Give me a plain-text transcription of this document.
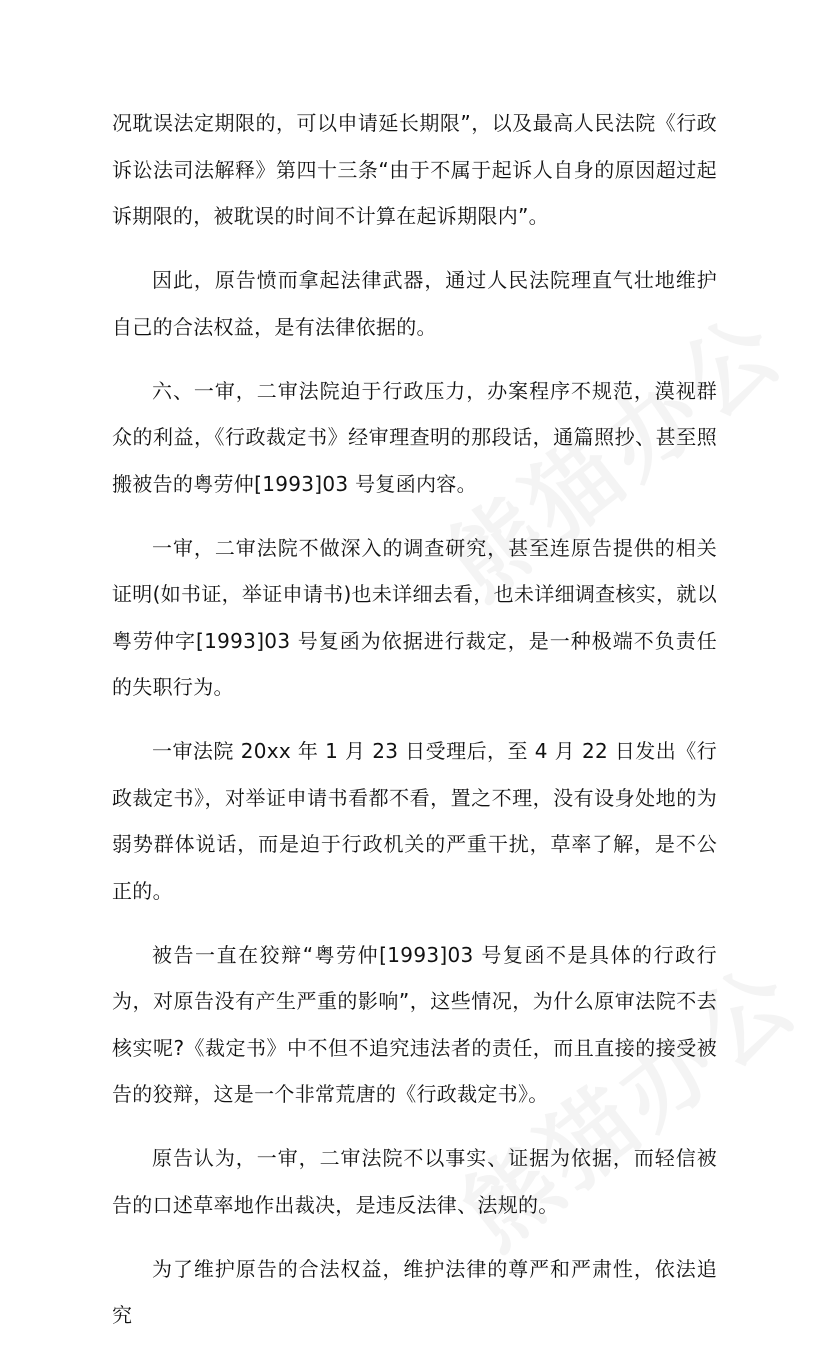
况耽误法定期限的，可以申请延长期限”，以及最高人民法院《行政诉讼法司法解释》第四十三条“由于不属于起诉人自身的原因超过起诉期限的，被耽误的时间不计算在起诉期限内”。

因此，原告愤而拿起法律武器，通过人民法院理直气壮地维护自己的合法权益，是有法律依据的。

六、一审，二审法院迫于行政压力，办案程序不规范，漠视群众的利益，《行政裁定书》经审理查明的那段话，通篇照抄、甚至照搬被告的粤劳仲[1993]03 号复函内容。

一审，二审法院不做深入的调查研究，甚至连原告提供的相关证明(如书证，举证申请书)也未详细去看，也未详细调查核实，就以粤劳仲字[1993]03 号复函为依据进行裁定，是一种极端不负责任的失职行为。

一审法院 20xx 年 1 月 23 日受理后，至 4 月 22 日发出《行政裁定书》，对举证申请书看都不看，置之不理，没有设身处地的为弱势群体说话，而是迫于行政机关的严重干扰，草率了解，是不公正的。

被告一直在狡辩“粤劳仲[1993]03 号复函不是具体的行政行为，对原告没有产生严重的影响”，这些情况，为什么原审法院不去核实呢?《裁定书》中不但不追究违法者的责任，而且直接的接受被告的狡辩，这是一个非常荒唐的《行政裁定书》。

原告认为，一审，二审法院不以事实、证据为依据，而轻信被告的口述草率地作出裁决，是违反法律、法规的。

为了维护原告的合法权益，维护法律的尊严和严肃性，依法追究
